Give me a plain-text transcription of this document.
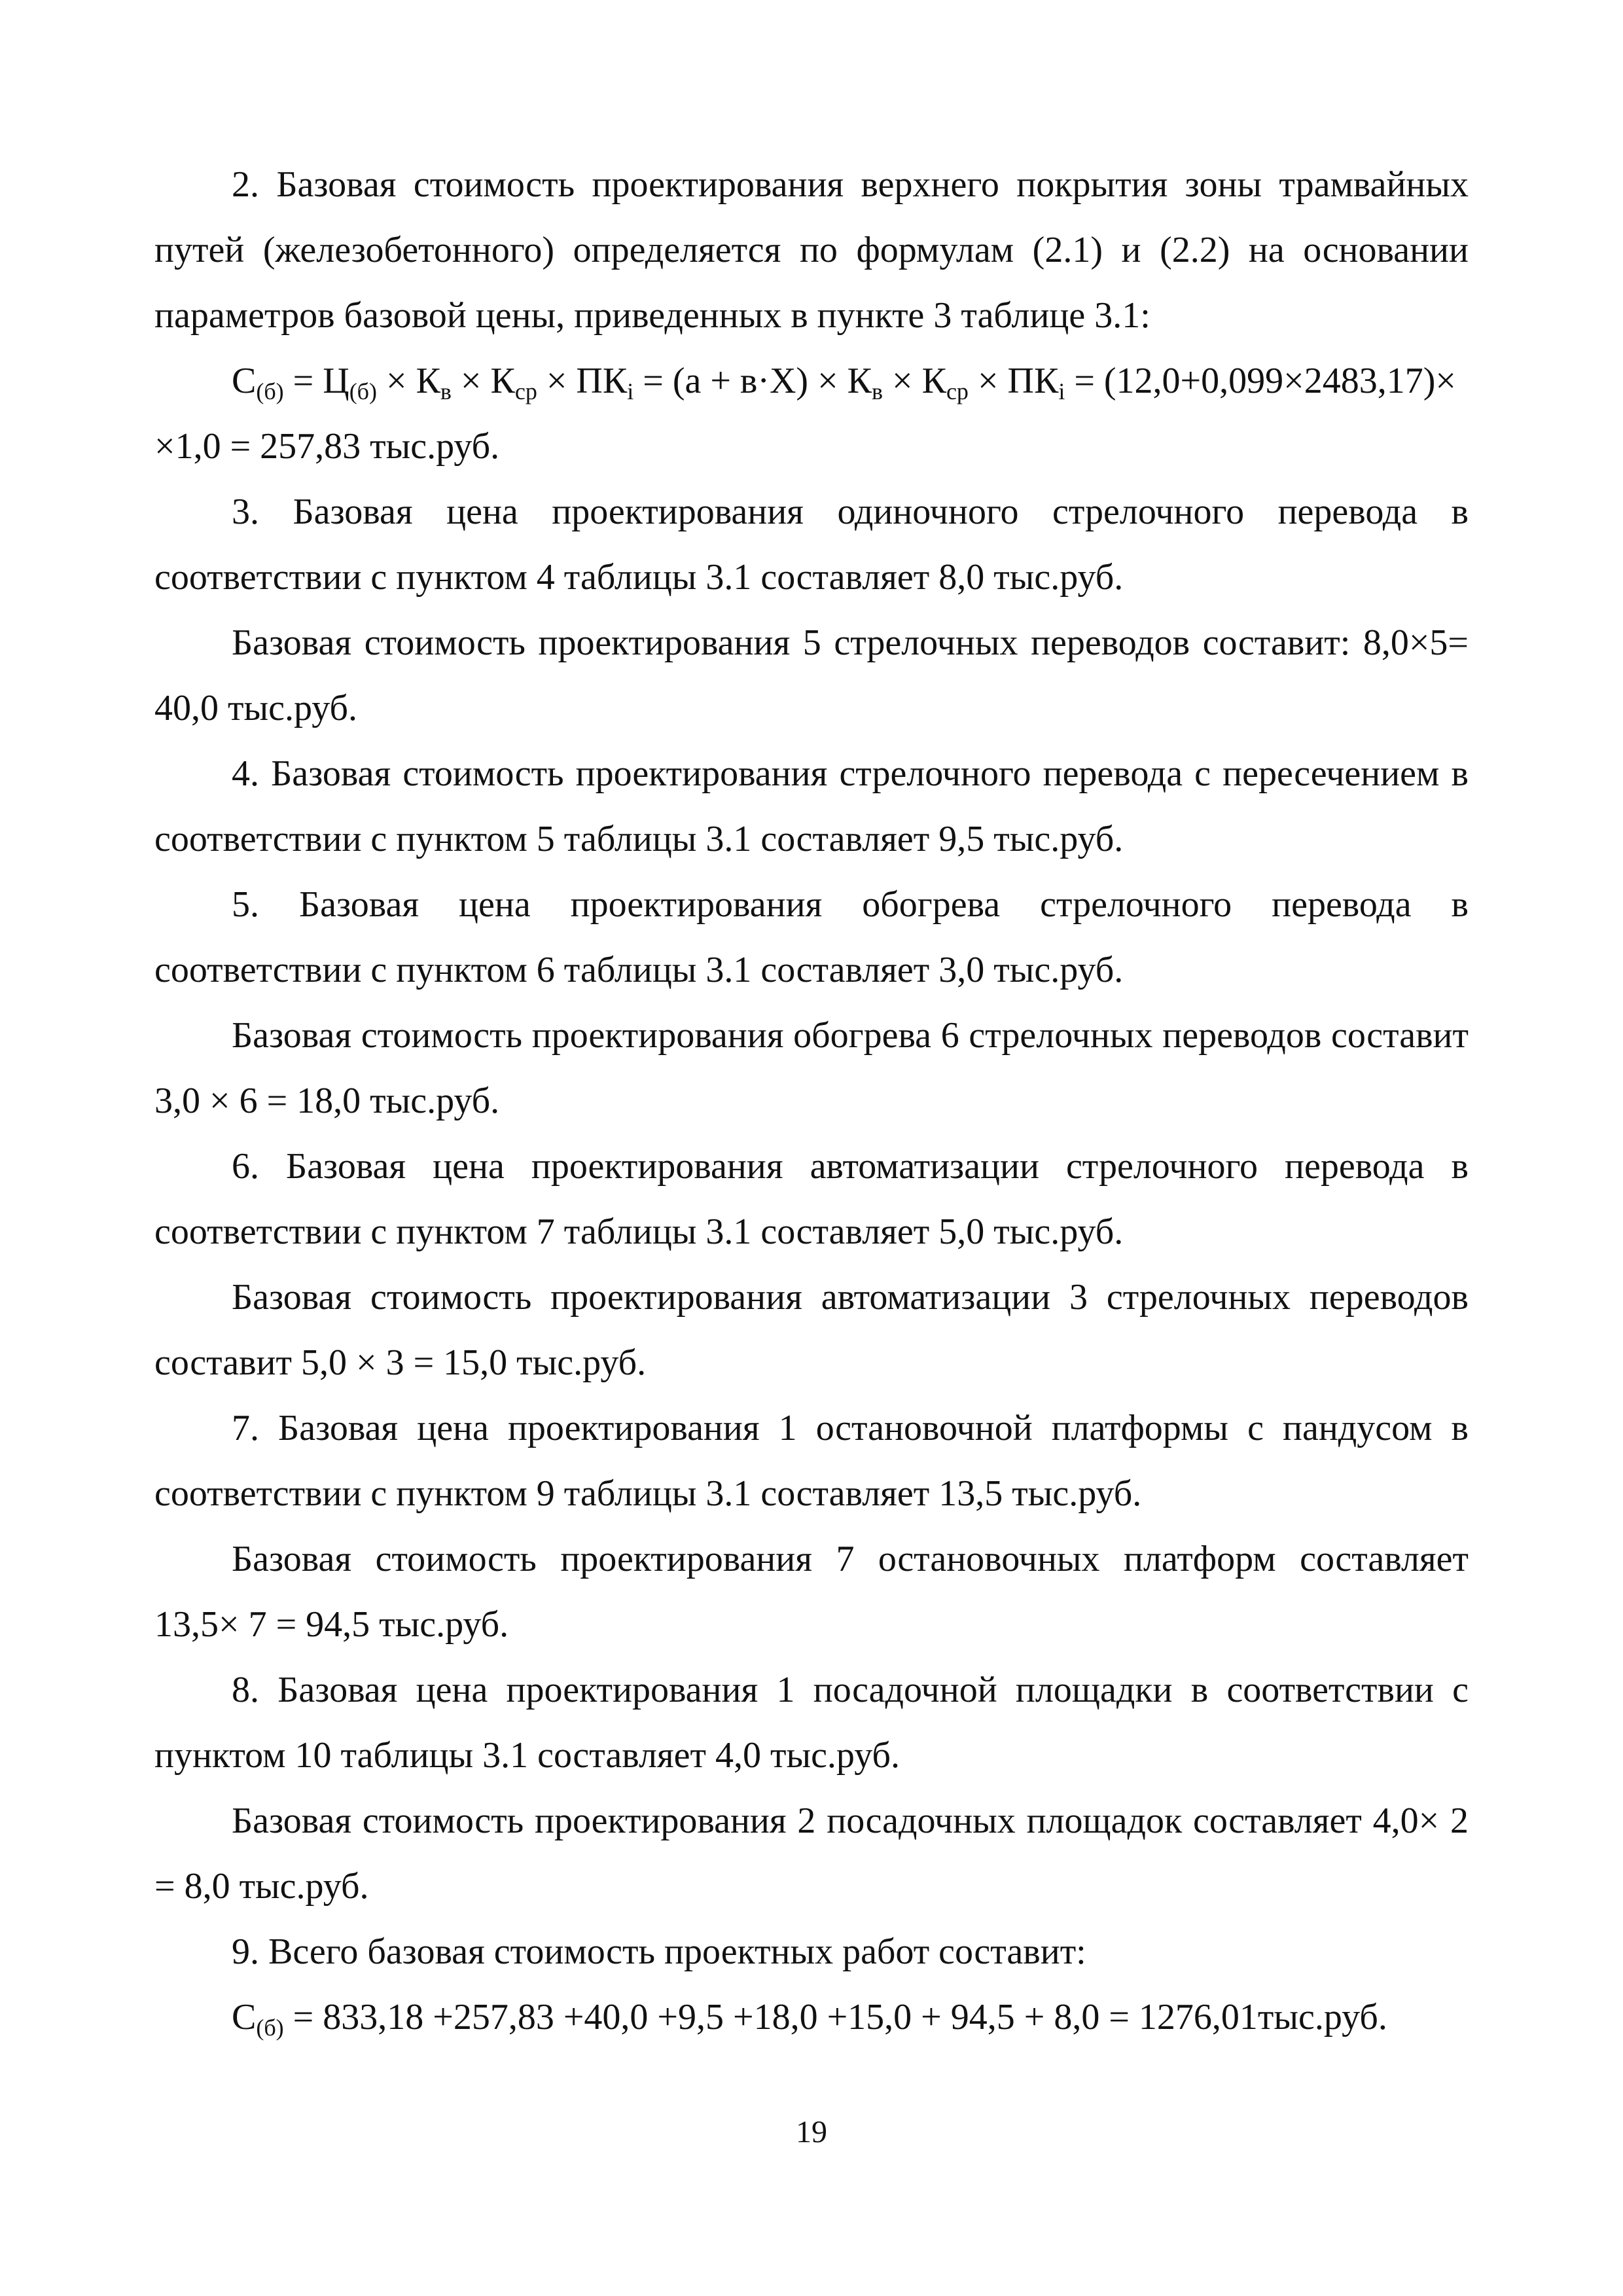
2. Базовая стоимость проектирования верхнего покрытия зоны трамвайных путей (железобетонного) определяется по формулам (2.1) и (2.2) на основании параметров базовой цены, приведенных в пункте 3 таблице 3.1:

$С_{(б)} = Ц_{(б)} \times К_в \times К_{ср} \times ПК_i = (а + в\cdot Х) \times К_в \times К_{ср} \times ПК_i = (12,0+0,099\times 2483,17)\times$

×1,0 = 257,83 тыс.руб.

3. Базовая цена проектирования одиночного стрелочного перевода в соответствии с пунктом 4 таблицы 3.1 составляет 8,0 тыс.руб.

Базовая стоимость проектирования 5 стрелочных переводов составит: 8,0×5= 40,0 тыс.руб.

4. Базовая стоимость проектирования стрелочного перевода с пересечением в соответствии с пунктом 5 таблицы 3.1 составляет 9,5 тыс.руб.

5. Базовая цена проектирования обогрева стрелочного перевода в соответствии с пунктом 6 таблицы 3.1 составляет 3,0 тыс.руб.

Базовая стоимость проектирования обогрева 6 стрелочных переводов составит 3,0 × 6 = 18,0 тыс.руб.

6. Базовая цена проектирования автоматизации стрелочного перевода в соответствии с пунктом 7 таблицы 3.1 составляет 5,0 тыс.руб.

Базовая стоимость проектирования автоматизации 3 стрелочных переводов составит 5,0 × 3 = 15,0 тыс.руб.

7. Базовая цена проектирования 1 остановочной платформы с пандусом в соответствии с пунктом 9 таблицы 3.1 составляет 13,5 тыс.руб.

Базовая стоимость проектирования 7 остановочных платформ составляет 13,5× 7 = 94,5 тыс.руб.

8. Базовая цена проектирования 1 посадочной площадки в соответствии с пунктом 10 таблицы 3.1 составляет 4,0 тыс.руб.

Базовая стоимость проектирования 2 посадочных площадок составляет 4,0× 2 = 8,0 тыс.руб.

9. Всего базовая стоимость проектных работ составит:

$С_{(б)} = 833,18 +257,83 +40,0 +9,5 +18,0 +15,0 + 94,5 + 8,0 = 1276,01тыс.руб$.

19
